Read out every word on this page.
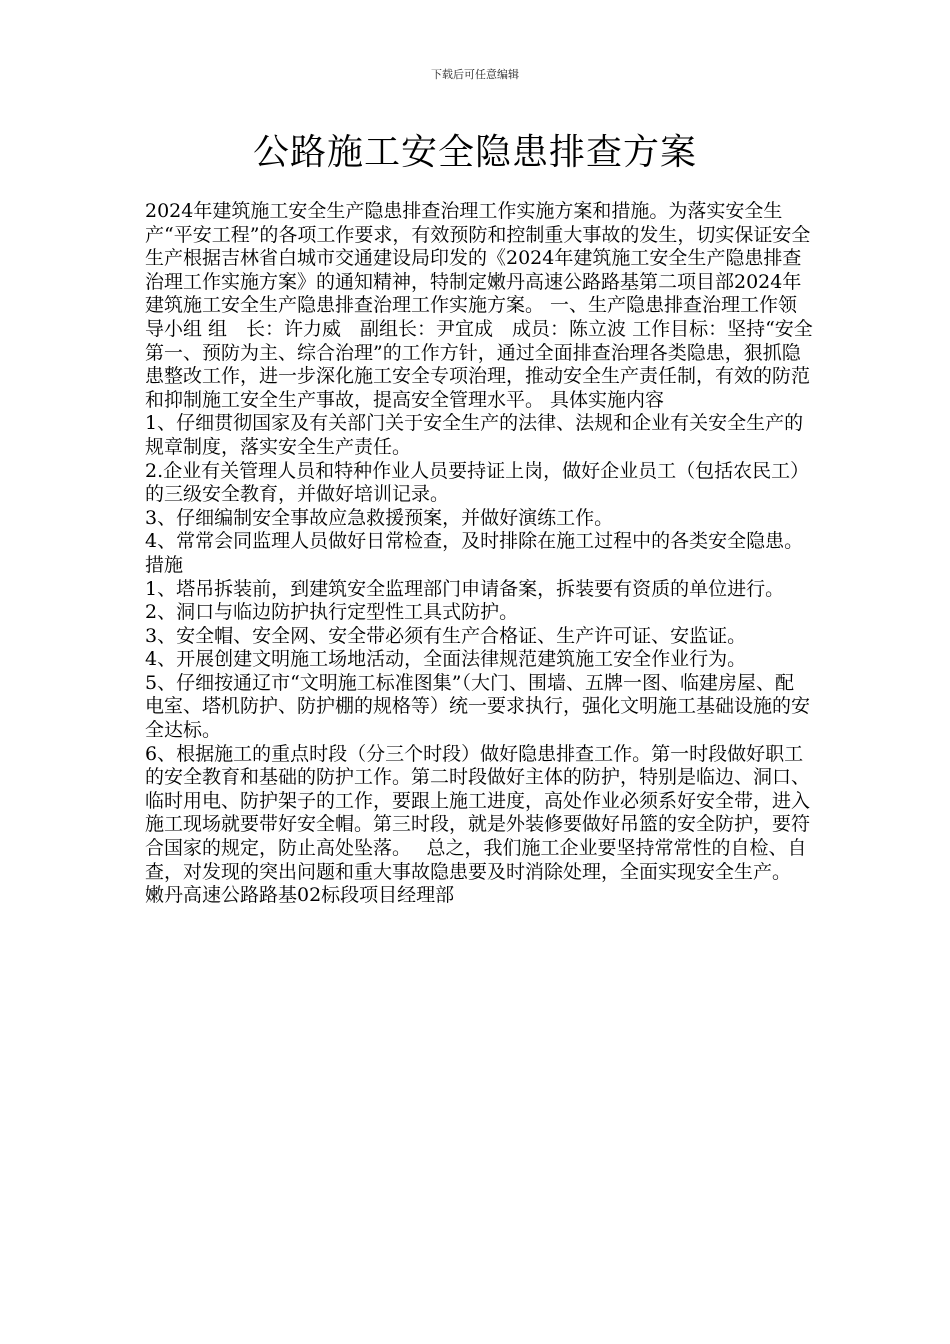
下载后可任意编辑
公路施工安全隐患排查方案

2024年建筑施工安全生产隐患排查治理工作实施方案和措施。为落实安全生产“平安工程”的各项工作要求，有效预防和控制重大事故的发生，切实保证安全生产根据吉林省白城市交通建设局印发的《2024年建筑施工安全生产隐患排查治理工作实施方案》的通知精神，特制定嫩丹高速公路路基第二项目部2024年建筑施工安全生产隐患排查治理工作实施方案。 一、生产隐患排查治理工作领导小组 组　长：许力威　副组长：尹宜成　成员：陈立波 工作目标：坚持“安全第一、预防为主、综合治理”的工作方针，通过全面排查治理各类隐患，狠抓隐患整改工作，进一步深化施工安全专项治理，推动安全生产责任制，有效的防范和抑制施工安全生产事故，提高安全管理水平。 具体实施内容

1、仔细贯彻国家及有关部门关于安全生产的法律、法规和企业有关安全生产的规章制度，落实安全生产责任。

2.企业有关管理人员和特种作业人员要持证上岗，做好企业员工（包括农民工）的三级安全教育，并做好培训记录。

3、仔细编制安全事故应急救援预案，并做好演练工作。

4、常常会同监理人员做好日常检查，及时排除在施工过程中的各类安全隐患。

措施

1、塔吊拆装前，到建筑安全监理部门申请备案，拆装要有资质的单位进行。

2、洞口与临边防护执行定型性工具式防护。

3、安全帽、安全网、安全带必须有生产合格证、生产许可证、安监证。

4、开展创建文明施工场地活动，全面法律规范建筑施工安全作业行为。

5、仔细按通辽市“文明施工标准图集”（大门、围墙、五牌一图、临建房屋、配电室、塔机防护、防护棚的规格等）统一要求执行，强化文明施工基础设施的安全达标。

6、根据施工的重点时段（分三个时段）做好隐患排查工作。第一时段做好职工的安全教育和基础的防护工作。第二时段做好主体的防护，特别是临边、洞口、临时用电、防护架子的工作，要跟上施工进度，高处作业必须系好安全带，进入施工现场就要带好安全帽。第三时段，就是外装修要做好吊篮的安全防护，要符合国家的规定，防止高处坠落。　 总之，我们施工企业要坚持常常性的自检、自查，对发现的突出问题和重大事故隐患要及时消除处理，全面实现安全生产。

嫩丹高速公路路基02标段项目经理部
